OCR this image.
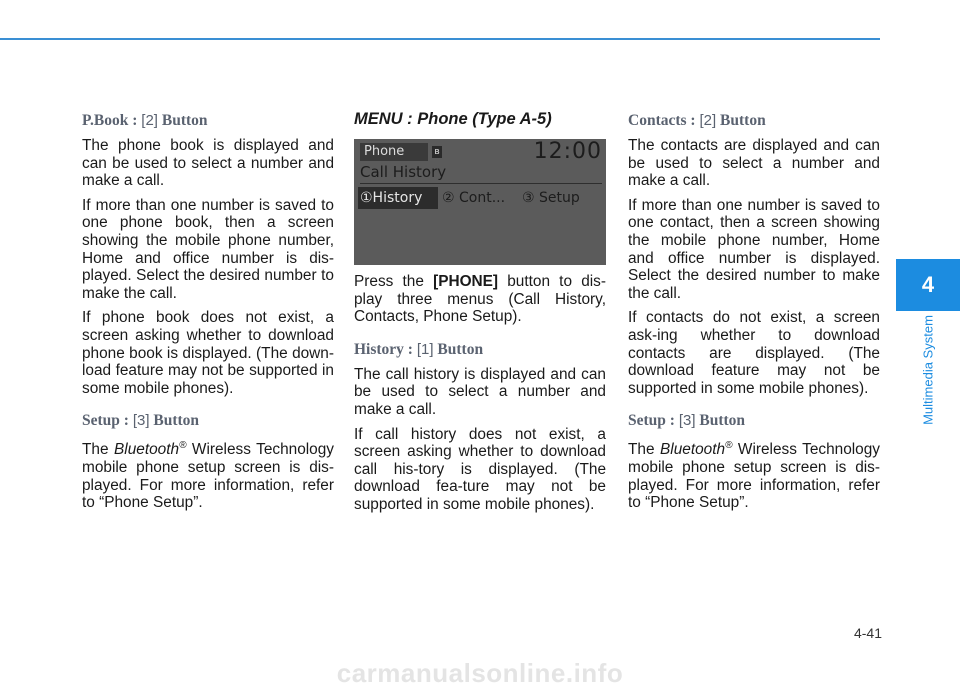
P.Book : [2] Button

The phone book is displayed and can be used to select a number and make a call.

If more than one number is saved to one phone book, then a screen showing the mobile phone number, Home and office number is dis-played. Select the desired number to make the call.

If phone book does not exist, a screen asking whether to download phone book is displayed. (The down-load feature may not be supported in some mobile phones).

Setup : [3] Button

The Bluetooth® Wireless Technology mobile phone setup screen is dis-played. For more information, refer to “Phone Setup”.

MENU : Phone (Type A-5)
Phone	ʙ	12:00
Call History
①History	② Cont... ③ Setup

Press the [PHONE] button to dis-play three menus (Call History, Contacts, Phone Setup).

History : [1] Button

The call history is displayed and can be used to select a number and make a call.

If call history does not exist, a screen asking whether to download call his-tory is displayed. (The download fea-ture may not be supported in some mobile phones).

Contacts : [2] Button

The contacts are displayed and can be used to select a number and make a call.

If more than one number is saved to one contact, then a screen showing the mobile phone number, Home and office number is displayed. Select the desired number to make the call.

If contacts do not exist, a screen ask-ing whether to download contacts are displayed. (The download feature may not be supported in some mobile phones).

Setup : [3] Button

The Bluetooth® Wireless Technology mobile phone setup screen is dis-played. For more information, refer to “Phone Setup”.

4
Multimedia System
4-41
carmanualsonline.info
